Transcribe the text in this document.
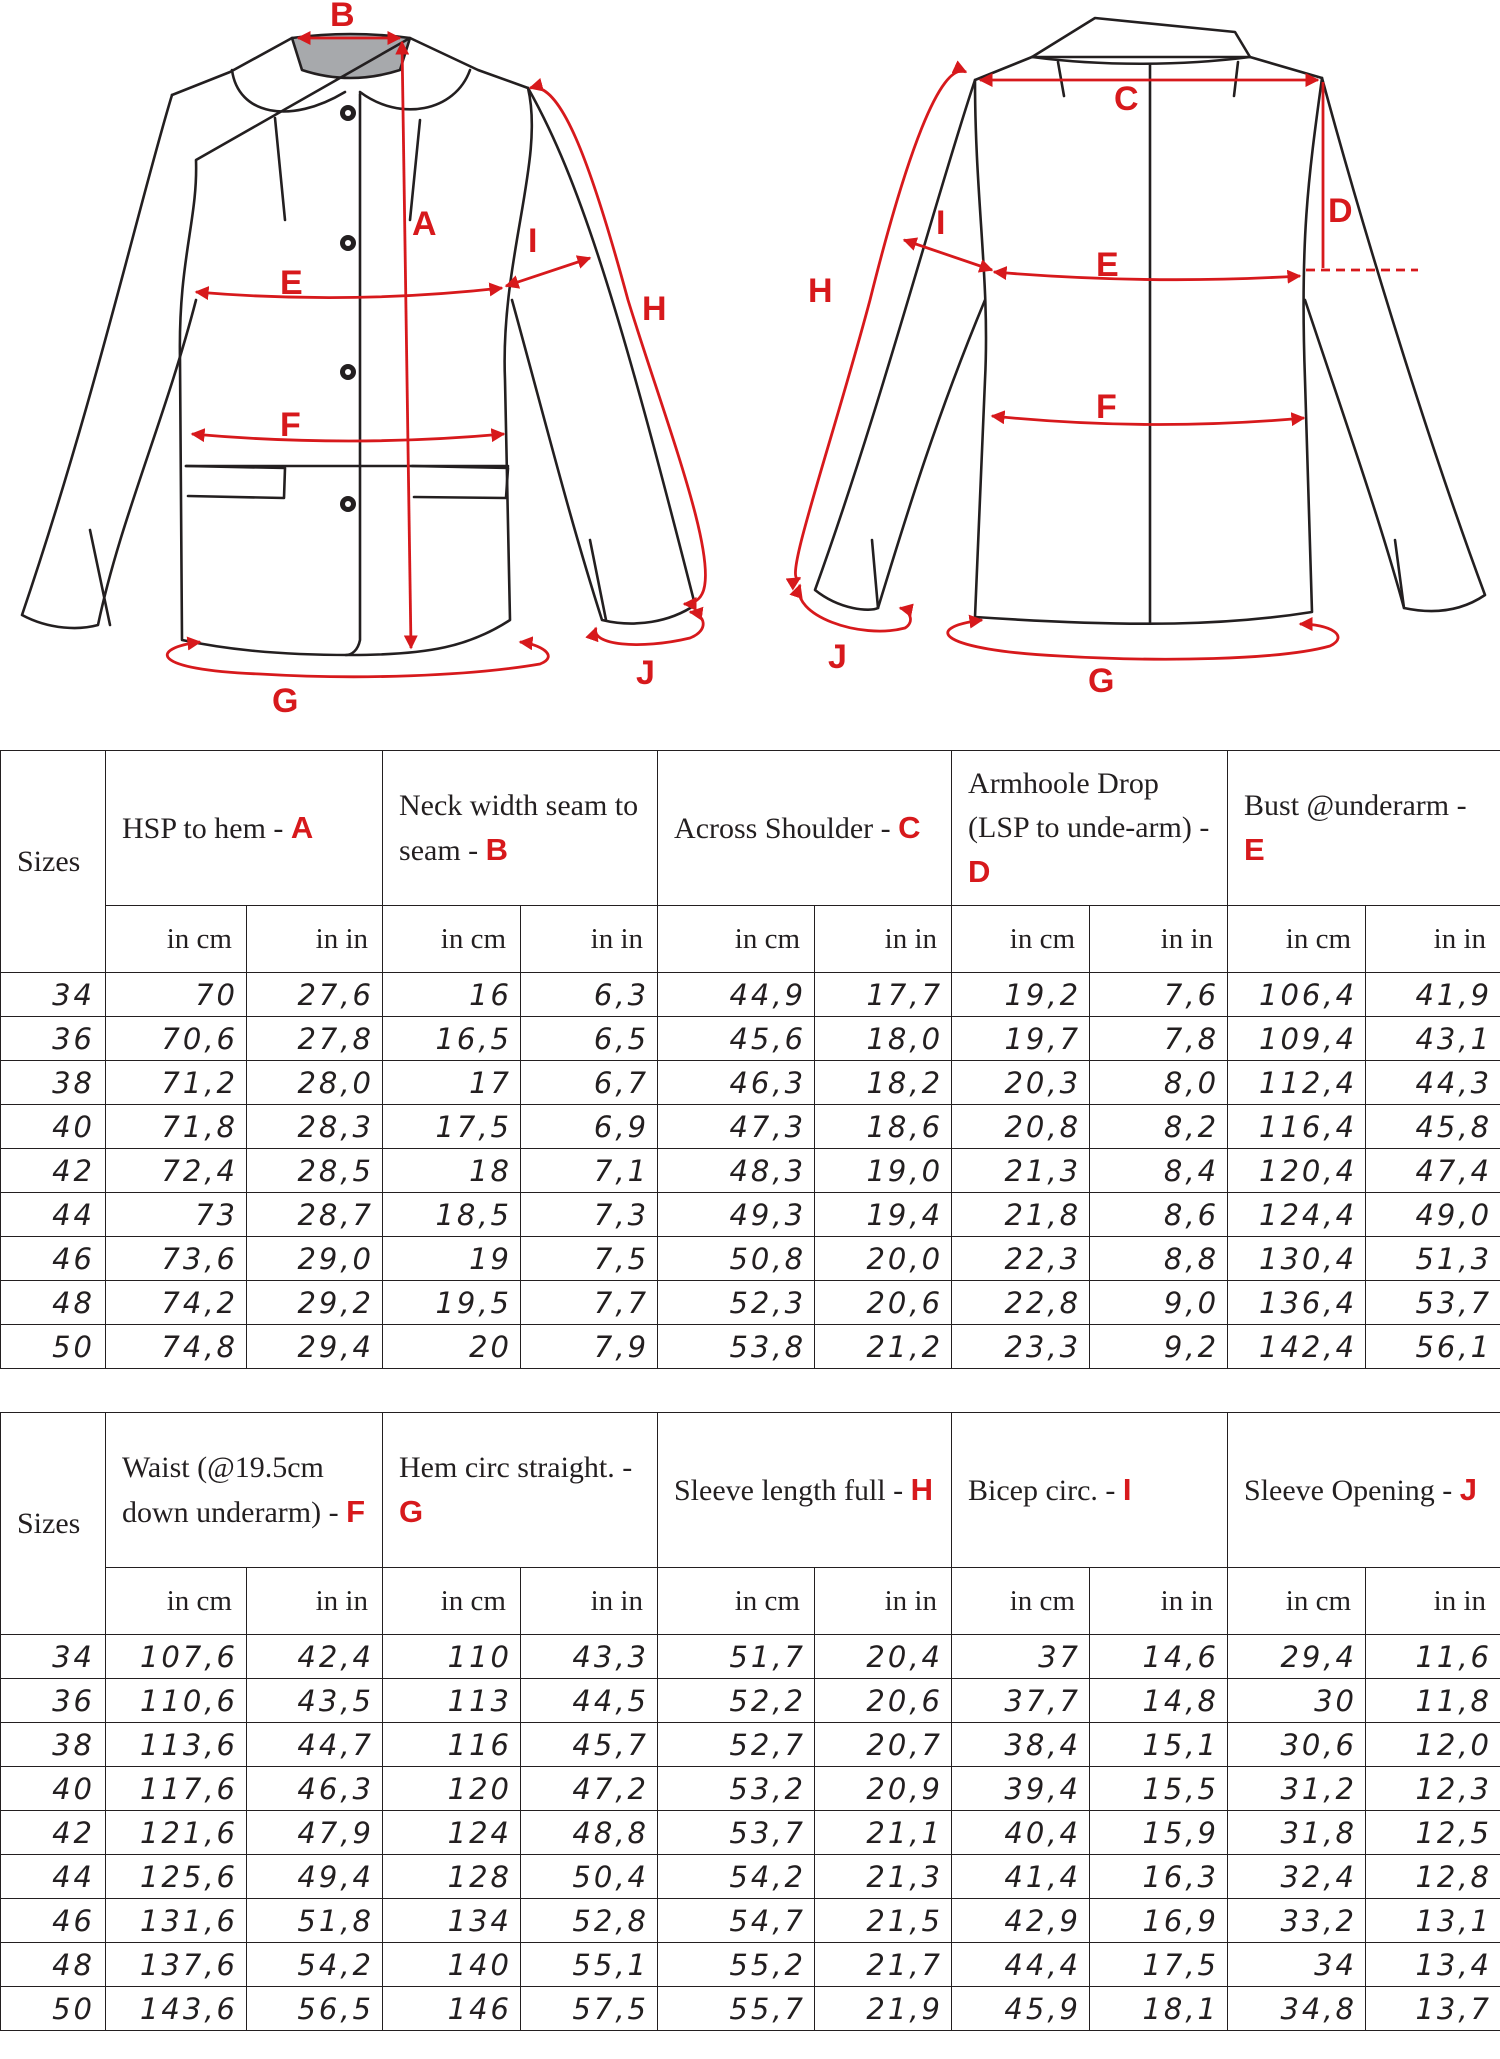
B
A	I
E
H
F
J
G
C
D
I
E
H
F
J
G
Sizes	HSP to hem - A		Neck width seam to seam - B		Across Shoulder - C		Armhoole Drop (LSP to unde-arm) - D		Bust @underarm - E	
	in cm	in in	in cm	in in	in cm	in in	in cm	in in	in cm	in in
34	70	27,6	16	6,3	44,9	17,7	19,2	7,6	106,4	41,9
36	70,6	27,8	16,5	6,5	45,6	18,0	19,7	7,8	109,4	43,1
38	71,2	28,0	17	6,7	46,3	18,2	20,3	8,0	112,4	44,3
40	71,8	28,3	17,5	6,9	47,3	18,6	20,8	8,2	116,4	45,8
42	72,4	28,5	18	7,1	48,3	19,0	21,3	8,4	120,4	47,4
44	73	28,7	18,5	7,3	49,3	19,4	21,8	8,6	124,4	49,0
46	73,6	29,0	19	7,5	50,8	20,0	22,3	8,8	130,4	51,3
48	74,2	29,2	19,5	7,7	52,3	20,6	22,8	9,0	136,4	53,7
50	74,8	29,4	20	7,9	53,8	21,2	23,3	9,2	142,4	56,1
Sizes	Waist (@19.5cm down underarm) - F		Hem circ straight. - G		Sleeve length full - H		Bicep circ. - I		Sleeve Opening - J	
	in cm	in in	in cm	in in	in cm	in in	in cm	in in	in cm	in in
34	107,6	42,4	110	43,3	51,7	20,4	37	14,6	29,4	11,6
36	110,6	43,5	113	44,5	52,2	20,6	37,7	14,8	30	11,8
38	113,6	44,7	116	45,7	52,7	20,7	38,4	15,1	30,6	12,0
40	117,6	46,3	120	47,2	53,2	20,9	39,4	15,5	31,2	12,3
42	121,6	47,9	124	48,8	53,7	21,1	40,4	15,9	31,8	12,5
44	125,6	49,4	128	50,4	54,2	21,3	41,4	16,3	32,4	12,8
46	131,6	51,8	134	52,8	54,7	21,5	42,9	16,9	33,2	13,1
48	137,6	54,2	140	55,1	55,2	21,7	44,4	17,5	34	13,4
50	143,6	56,5	146	57,5	55,7	21,9	45,9	18,1	34,8	13,7
